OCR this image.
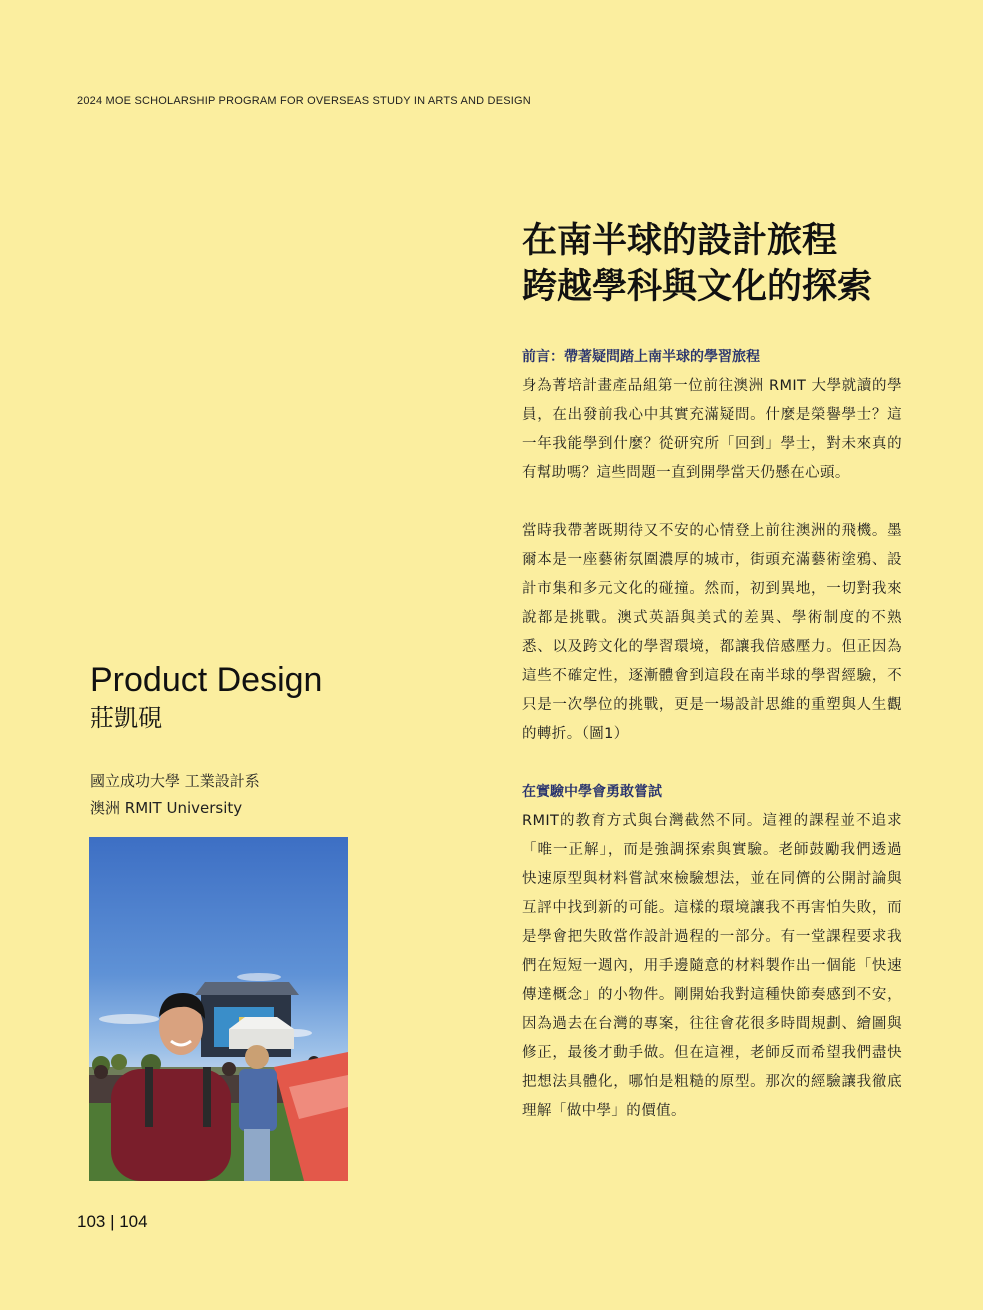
2024 MOE SCHOLARSHIP PROGRAM FOR OVERSEAS STUDY IN ARTS AND DESIGN
在南半球的設計旅程
跨越學科與文化的探索
前言：帶著疑問踏上南半球的學習旅程
身為菁培計畫產品組第一位前往澳洲 RMIT 大學就讀的學員，在出發前我心中其實充滿疑問。什麼是榮譽學士？這一年我能學到什麼？從研究所「回到」學士，對未來真的有幫助嗎？這些問題一直到開學當天仍懸在心頭。
當時我帶著既期待又不安的心情登上前往澳洲的飛機。墨爾本是一座藝術氛圍濃厚的城市，街頭充滿藝術塗鴉、設計市集和多元文化的碰撞。然而，初到異地，一切對我來說都是挑戰。澳式英語與美式的差異、學術制度的不熟悉、以及跨文化的學習環境，都讓我倍感壓力。但正因為這些不確定性，逐漸體會到這段在南半球的學習經驗，不只是一次學位的挑戰，更是一場設計思維的重塑與人生觀的轉折。（圖1）
在實驗中學會勇敢嘗試
RMIT的教育方式與台灣截然不同。這裡的課程並不追求「唯一正解」，而是強調探索與實驗。老師鼓勵我們透過快速原型與材料嘗試來檢驗想法，並在同儕的公開討論與互評中找到新的可能。這樣的環境讓我不再害怕失敗，而是學會把失敗當作設計過程的一部分。有一堂課程要求我們在短短一週內，用手邊隨意的材料製作出一個能「快速傳達概念」的小物件。剛開始我對這種快節奏感到不安，因為過去在台灣的專案，往往會花很多時間規劃、繪圖與修正，最後才動手做。但在這裡，老師反而希望我們盡快把想法具體化，哪怕是粗糙的原型。那次的經驗讓我徹底理解「做中學」的價值。
Product Design
莊凱硯
國立成功大學 工業設計系
澳洲 RMIT University
103 | 104
